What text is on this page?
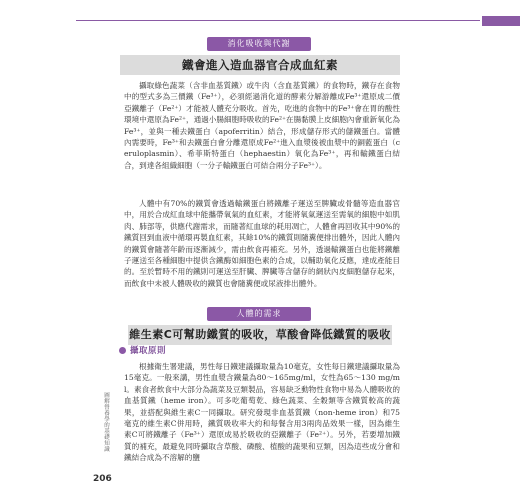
消化吸收與代謝
鐵會進入造血器官合成血紅素

攝取綠色蔬菜（含非血基質鐵）或牛肉（含血基質鐵）的食物時，鐵存在食物中的型式多為三價鐵（Fe³⁺），必須經過消化道的酵素分解游離成Fe³⁺還原成二價亞鐵離子（Fe²⁺）才能被人體充分吸收。首先，吃進的食物中的Fe³⁺會在胃的酸性環境中還原為Fe²⁺，通過小腸細胞時吸收的Fe²⁺在腸黏膜上皮細胞內會重新氧化為Fe³⁺，並與一種去鐵蛋白（apoferritin）結合，形成儲存形式的儲鐵蛋白。當體內需要時，Fe³⁺和去鐵蛋白會分離還原成Fe²⁺進入血漿後被血漿中的銅藍蛋白（ceruloplasmin）、希菲斯特蛋白（hephaestin）氧化為Fe³⁺，再和輸鐵蛋白結合，到達各組織細胞（一分子輸鐵蛋白可結合兩分子Fe³⁺）。

人體中有70%的鐵質會透過輸鐵蛋白將鐵離子運送至脾臟或骨髓等造血器官中，用於合成紅血球中能攜帶氧氣的血紅素，才能將氧氣運送至需氧的細胞中如肌肉、肺部等，供應代謝需求，而隨著紅血球的耗用凋亡，人體會再回收其中90%的鐵質回到血液中循環再製血紅素，其餘10%的鐵質則隨糞便排出體外，因此人體內的鐵質會隨著年齡而逐漸減少，需由飲食再補充。另外，透過輸鐵蛋白也能將鐵離子運送至各種細胞中提供含鐵酶如細胞色素的合成，以輔助氧化反應，達成產能目的。至於暫時不用的鐵則可運送至肝臟、脾臟等含儲存的網狀內皮細胞儲存起來，而飲食中未被人體吸收的鐵質也會隨糞便或尿液排出體外。

人體的需求
維生素C可幫助鐵質的吸收，草酸會降低鐵質的吸收
攝取原則

根據衛生署建議，男性每日鐵建議攝取量為10毫克，女性每日鐵建議攝取量為15毫克。一般來講，男性血漿含鐵量為80～165mg/ml，女性為65～130 mg/ml。素食者飲食中大部分為蔬菜及豆類製品，容易缺乏動物性食物中易為人體吸收的血基質鐵（heme iron）。可多吃葡萄乾、綠色蔬菜、全穀類等含鐵質較高的蔬果，並搭配與維生素C一同攝取。研究發現非血基質鐵（non-heme iron）和75毫克的維生素C併用時，鐵質吸收率大約和每餐含用3兩肉品效果一樣，因為維生素C可將鐵離子（Fe³⁺）還原成易於吸收的亞鐵離子（Fe²⁺）。另外，若要增加鐵質的補充，最避免同時攝取含草酸、磷酸、植酸的蔬果和豆類，因為這些成分會和鐵結合成為不溶解的鹽

圖解營養學的基礎知識
206
